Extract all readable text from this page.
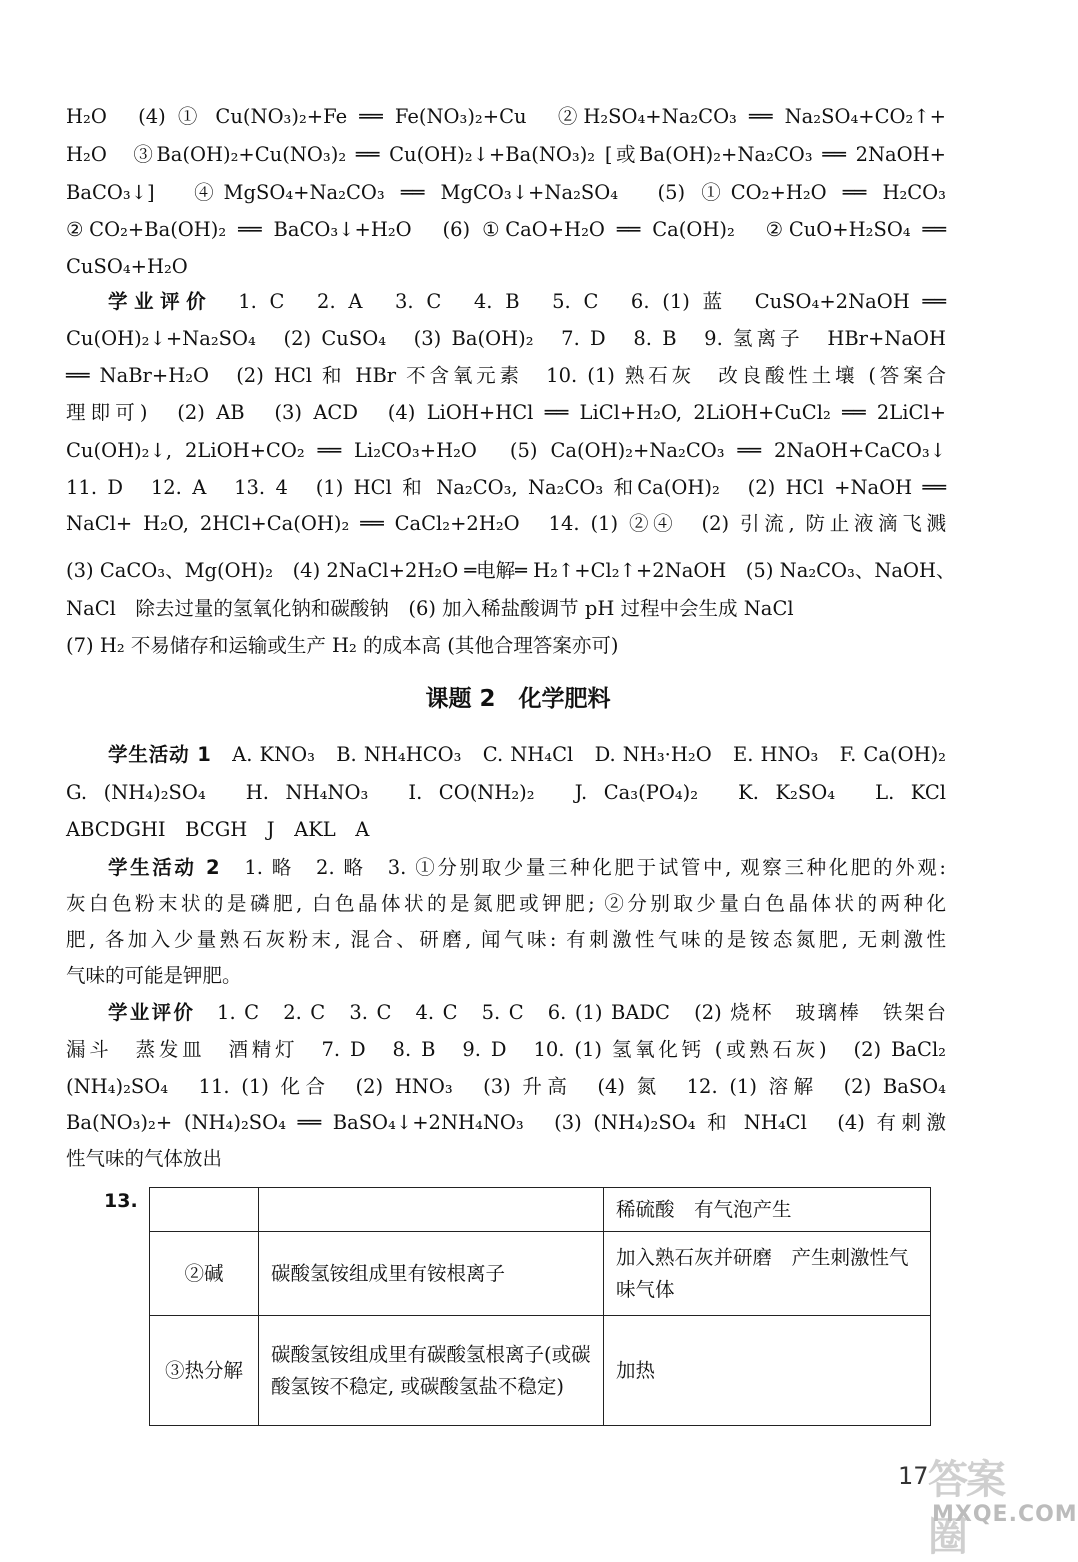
H₂O　(4) ① Cu(NO₃)₂+Fe ══ Fe(NO₃)₂+Cu　②H₂SO₄+Na₂CO₃ ══ Na₂SO₄+CO₂↑+
H₂O　③Ba(OH)₂+Cu(NO₃)₂ ══ Cu(OH)₂↓+Ba(NO₃)₂ [或Ba(OH)₂+Na₂CO₃ ══ 2NaOH+
BaCO₃↓]　④MgSO₄+Na₂CO₃ ══ MgCO₃↓+Na₂SO₄　(5) ①CO₂+H₂O ══ H₂CO₃
②CO₂+Ba(OH)₂ ══ BaCO₃↓+H₂O　(6) ①CaO+H₂O ══ Ca(OH)₂　②CuO+H₂SO₄ ══
CuSO₄+H₂O
学业评价　 1. C　2. A　3. C　4. B　5. C　6. (1) 蓝　CuSO₄+2NaOH ══
Cu(OH)₂↓+Na₂SO₄　(2) CuSO₄　(3) Ba(OH)₂　7. D　8. B　9. 氢离子　HBr+NaOH
══ NaBr+H₂O　(2) HCl 和 HBr 不含氧元素　10. (1) 熟石灰　改良酸性土壤 (答案合
理即可)　(2) AB　(3) ACD　(4) LiOH+HCl ══ LiCl+H₂O, 2LiOH+CuCl₂ ══ 2LiCl+
Cu(OH)₂↓, 2LiOH+CO₂ ══ Li₂CO₃+H₂O　(5) Ca(OH)₂+Na₂CO₃ ══ 2NaOH+CaCO₃↓
11. D　12. A　13. 4　(1) HCl 和 Na₂CO₃, Na₂CO₃ 和Ca(OH)₂　(2) HCl +NaOH ══
NaCl+ H₂O, 2HCl+Ca(OH)₂ ══ CaCl₂+2H₂O　14. (1) ②④　(2) 引流, 防止液滴飞溅
(3) CaCO₃、Mg(OH)₂　(4) 2NaCl+2H₂O ═电解═ H₂↑+Cl₂↑+2NaOH　(5) Na₂CO₃、NaOH、
NaCl　除去过量的氢氧化钠和碳酸钠　(6) 加入稀盐酸调节 pH 过程中会生成 NaCl
(7) H₂ 不易储存和运输或生产 H₂ 的成本高 (其他合理答案亦可)
课题 2　化学肥料
学生活动 1　 A. KNO₃　B. NH₄HCO₃　C. NH₄Cl　D. NH₃·H₂O　E. HNO₃　F. Ca(OH)₂
G. (NH₄)₂SO₄　H. NH₄NO₃　I. CO(NH₂)₂　J. Ca₃(PO₄)₂　K. K₂SO₄　L. KCl
ABCDGHI　BCGH　J　AKL　A
学生活动 2　 1. 略　2. 略　3. ①分别取少量三种化肥于试管中, 观察三种化肥的外观:
灰白色粉末状的是磷肥, 白色晶体状的是氮肥或钾肥; ②分别取少量白色晶体状的两种化
肥, 各加入少量熟石灰粉末, 混合、研磨, 闻气味: 有刺激性气味的是铵态氮肥, 无刺激性
气味的可能是钾肥。
学业评价　 1. C　2. C　3. C　4. C　5. C　6. (1) BADC　(2) 烧杯　玻璃棒　铁架台
漏斗　蒸发皿　酒精灯　7. D　8. B　9. D　10. (1) 氢氧化钙 (或熟石灰)　(2) BaCl₂
(NH₄)₂SO₄　11. (1) 化合　(2) HNO₃　(3) 升高　(4) 氮　12. (1) 溶解　(2) BaSO₄
Ba(NO₃)₂+ (NH₄)₂SO₄ ══ BaSO₄↓+2NH₄NO₃　(3) (NH₄)₂SO₄ 和 NH₄Cl　(4) 有刺激
性气味的气体放出
13.
			稀硫酸　有气泡产生
②碱	碳酸氢铵组成里有铵根离子	加入熟石灰并研磨　产生刺激性气味气体
③热分解	碳酸氢铵组成里有碳酸氢根离子(或碳酸氢铵不稳定, 或碳酸氢盐不稳定)	加热
17 答案圈
MXQE.COM
